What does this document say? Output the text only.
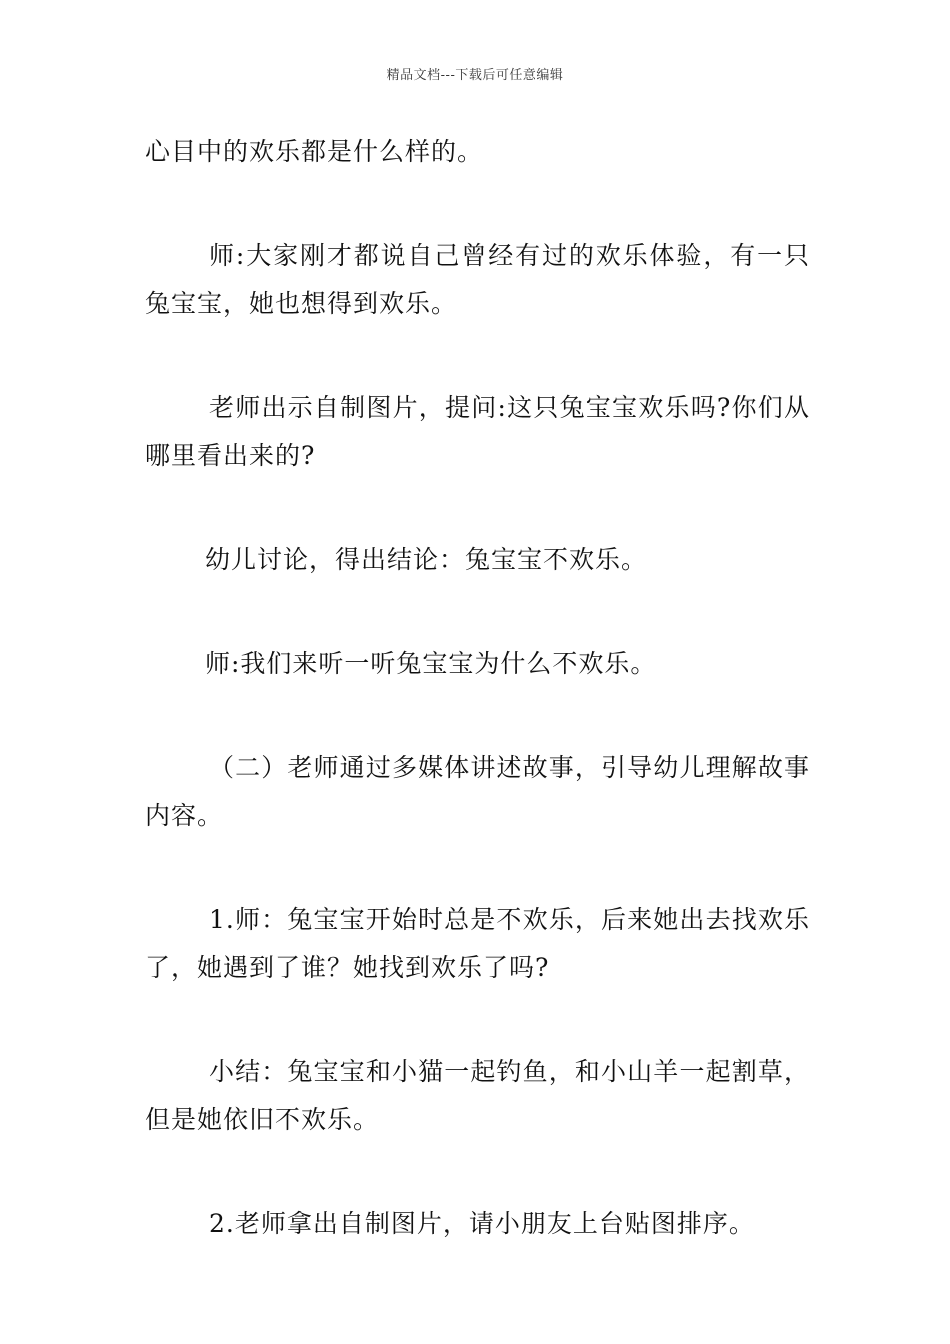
精品文档---下载后可任意编辑

心目中的欢乐都是什么样的。

师:大家刚才都说自己曾经有过的欢乐体验，有一只兔宝宝，她也想得到欢乐。

老师出示自制图片，提问:这只兔宝宝欢乐吗?你们从哪里看出来的?

幼儿讨论，得出结论：兔宝宝不欢乐。

师:我们来听一听兔宝宝为什么不欢乐。

（二）老师通过多媒体讲述故事，引导幼儿理解故事内容。

1.师：兔宝宝开始时总是不欢乐，后来她出去找欢乐了，她遇到了谁？她找到欢乐了吗?

小结：兔宝宝和小猫一起钓鱼，和小山羊一起割草，但是她依旧不欢乐。

2.老师拿出自制图片，请小朋友上台贴图排序。
